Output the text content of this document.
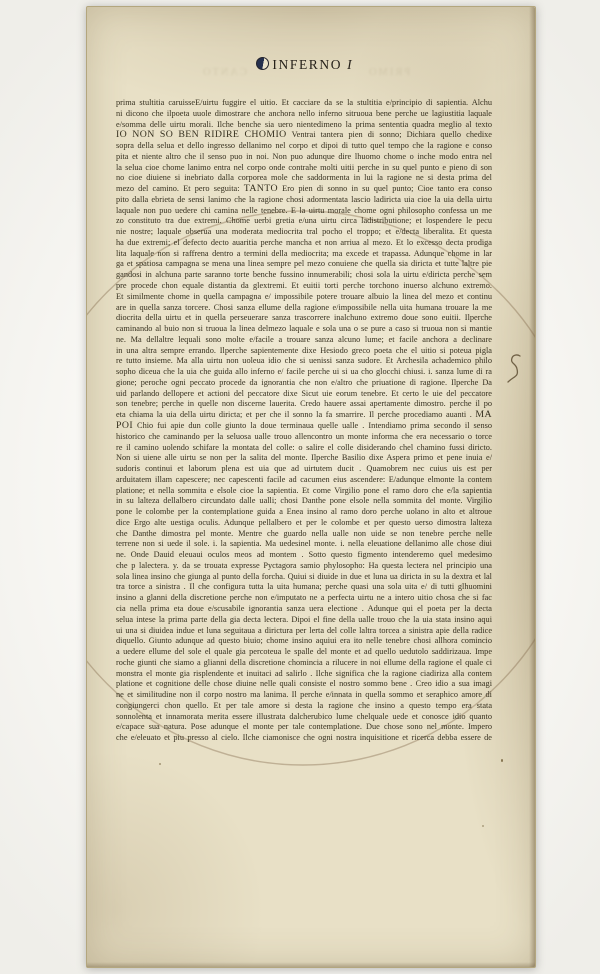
CANTO	PRIMO
INFERNO I
prima stultitia caruisseE/uirtu fuggire el uitio. Et cacciare da se la stultitia e/principio di sapientia. Alchu
ni dicono che ilpoeta uuole dimostrare che anchora nello inferno sitruoua bene perche ue lagiustitia laquale
e/somma delle uirtu morali. Ilche benche sia uero nientedimeno la prima sententia quadra meglio al texto
IO NON SO BEN RIDIRE CHOMIO Ventrai tantera pien di sonno; Dichiara quello chedixe
sopra della selua et dello ingresso dellanimo nel corpo et dipoi di tutto quel tempo che la ragione e conso
pita et niente altro che il senso puo in noi. Non puo adunque dire lhuomo chome o inche modo entra nel
la selua cioe chome lanimo entra nel corpo onde contrahe molti uitii perche in su quel punto e pieno di son
no cioe diuiene si inebriato dalla corporea mole che saddormenta in lui la ragione ne si desta prima del
mezo del camino. Et pero seguita: TANTO Ero pien di sonno in su quel punto; Cioe tanto era conso
pito dalla ebrieta de sensi lanimo che la ragione chosi adormentata lascio ladiricta uia cioe la uia della uirtu
laquale non puo uedere chi camina nelle tenebre. E la uirtu morale chome ogni philosopho confessa un me
zo constituto tra due extremi. Chome uerbi gretia e/una uirtu circa ladistributione; et lospendere le pecu
nie nostre; laquale obserua una moderata mediocrita tral pocho el troppo; et e/decta liberalita. Et questa
ha due extremi; el defecto decto auaritia perche mancha et non arriua al mezo. Et lo excesso decta prodiga
lita laquale non si raffrena dentro a termini della mediocrita; ma excede et trapassa. Adunque chome in lar
ga et spatiosa campagna se mena una linea sempre pel mezo conuiene che quella sia diricta et tutte laltre pie
gandosi in alchuna parte saranno torte benche fussino innumerabili; chosi sola la uirtu e/diricta perche sem
pre procede chon equale distantia da glextremi. Et euitii torti perche torchono inuerso alchuno extremo.
Et similmente chome in quella campagna e/ impossibile potere trouare albuio la linea del mezo et continu
are in quella sanza torcere. Chosi sanza ellume della ragione e/impossibile nella uita humana trouare la me
diocrita della uirtu et in quella perseuerare sanza trascorrere inalchuno extremo doue sono euitii. Ilperche
caminando al buio non si truoua la linea delmezo laquale e sola una o se pure a caso si truoua non si mantie
ne. Ma dellaltre lequali sono molte e/facile a trouare sanza alcuno lume; et facile anchora a declinare
in una altra sempre errando. Ilperche sapientemente dixe Hesiodo greco poeta che el uitio si poteua pigla
re tutto insieme. Ma alla uirtu non uoleua idio che si uenissi sanza sudore. Et Archesila achademico philo
sopho diceua che la uia che guida allo inferno e/ facile perche ui si ua cho glocchi chiusi. i. sanza lume di ra
gione; peroche ogni peccato procede da ignorantia che non e/altro che priuatione di ragione. Ilperche Da
uid parlando dellopere et actioni del peccatore dixe Sicut uie eorum tenebre. Et certo le uie del peccatore
son tenebre; perche in quelle non discerne lauerita. Credo hauere assai apertamente dimostro. perche il po
eta chiama la uia della uirtu diricta; et per che il sonno la fa smarrire. Il perche procediamo auanti . MA
POI Chio fui apie dun colle giunto la doue terminaua quelle ualle . Intendiamo prima secondo il senso
historico che caminando per la seluosa ualle trouo allencontro un monte informa che era necessario o torce
re il camino uolendo schifare la montata del colle: o salire el colle disiderando chel chamino fussi diricto.
Non si uiene alle uirtu se non per la salita del monte. Ilperche Basilio dixe Aspera primo et pene inuia e/
sudoris continui et laborum plena est uia que ad uirtutem ducit . Quamobrem nec cuius uis est per
arduitatem illam capescere; nec capescenti facile ad cacumen eius ascendere: E/adunque elmonte la contem
platione; et nella sommita e elsole cioe la sapientia. Et come Virgilio pone el ramo doro che e/la sapientia
in su lalteza dellalbero circundato dalle ualli; chosi Danthe pone elsole nella sommita del monte. Virgilio
pone le colombe per la contemplatione guida a Enea insino al ramo doro perche uolano in alto et altroue
dice Ergo alte uestiga oculis. Adunque pellalbero et per le colombe et per questo uerso dimostra lalteza
che Danthe dimostra pel monte. Mentre che guardo nella ualle non uide se non tenebre perche nelle
terrene non si uede il sole. i. la sapientia. Ma uedesinel monte. i. nella eleuatione dellanimo alle chose diui
ne. Onde Dauid eleuaui oculos meos ad montem . Sotto questo figmento intenderemo quel medesimo
che p lalectera. y. da se trouata expresse Pyctagora samio phylosopho: Ha questa lectera nel principio una
sola linea insino che giunga al punto della forcha. Quiui si diuide in due et luna ua diricta in su la dextra et lal
tra torce a sinistra . Il che configura tutta la uita humana; perche quasi una sola uita e/ di tutti glhuomini
insino a glanni della discretione perche non e/imputato ne a perfecta uirtu ne a intero uitio chosa che si fac
cia nella prima eta doue e/scusabile ignorantia sanza uera electione . Adunque qui el poeta per la decta
selua intese la prima parte della gia decta lectera. Dipoi el fine della ualle trouo che la uia stata insino aqui
ui una si diuidea indue et luna seguitaua a dirictura per lerta del colle laltra torcea a sinistra apie della radice
diquello. Giunto adunque ad questo biuio; chome insino aquiui era ito nelle tenebre chosi allhora comincio
a uedere ellume del sole el quale gia percoteua le spalle del monte et ad quello uedutolo saddirizaua. Impe
roche giunti che siamo a glianni della discretione chomincia a rilucere in noi ellume della ragione el quale ci
monstra el monte gia risplendente et inuitaci ad salirlo . Ilche significa che la ragione ciadiriza alla contem
platione et cognitione delle chose diuine nelle quali consiste el nostro sommo bene . Creo idio a sua imagi
ne et similitudine non il corpo nostro ma lanima. Il perche e/innata in quella sommo et seraphico amore di
congiungerci chon quello. Et per tale amore si desta la ragione che insino a questo tempo era stata
sonnolenta et innamorata merita essere illustrata dalcherubico lume chelquale uede et conosce idio quanto
e/capace sua natura. Pose adunque el monte per tale contemplatione. Due chose sono nel monte. Impero
che e/eleuato et piu presso al cielo. Ilche ciamonisce che ogni nostra inquisitione et ricerca debba essere de
